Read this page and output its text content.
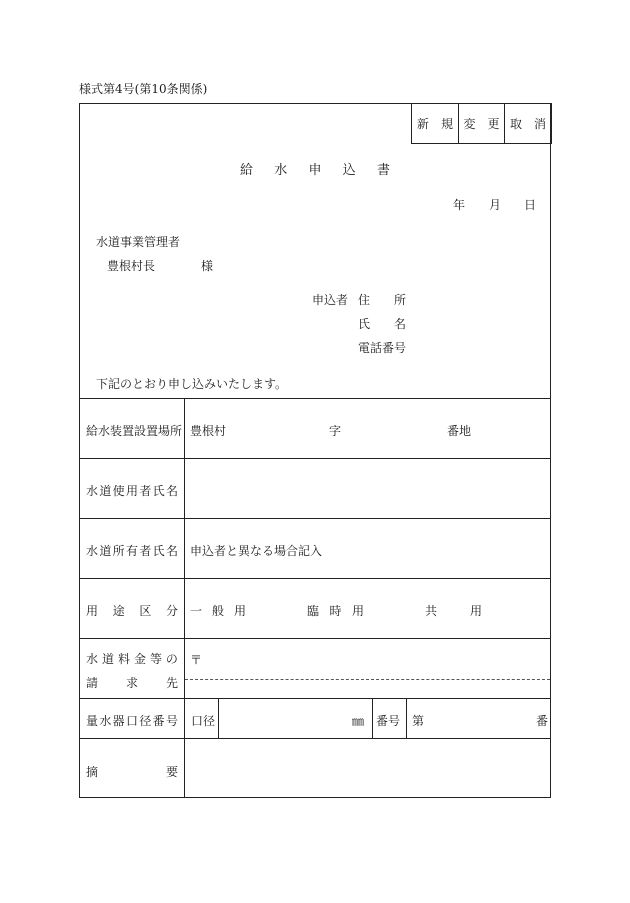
様式第4号(第10条関係)
新　規 変　更 取　消
給 水 申 込 書
年 月 日
水道事業管理者
豊根村長	様
申込者 住　　所
氏　　名
電話番号
下記のとおり申し込みいたします。
給水装置設置場所 豊根村	字	番地
水 道 使 用 者 氏 名
水 道 所 有 者 氏 名 申込者と異なる場合記入
用 途 区 分 一 般 用	臨 時 用	共	用
水 道 料 金 等 の
請 求 先
〒
量 水 器 口 径 番 号 口径	㎜ 番号 第	番
摘	要
